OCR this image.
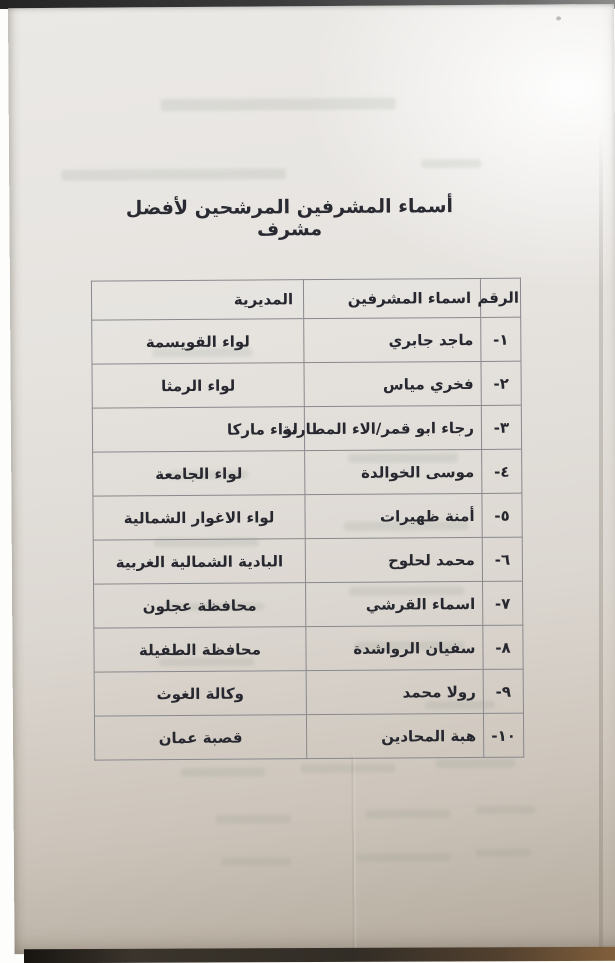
أسماء المشرفين المرشحين لأفضل مشرف
الرقم	اسماء المشرفين	المديرية
١-	ماجد جابري	لواء القويسمة
٢-	فخري مياس	لواء الرمثا
٣-	رجاء ابو قمر/الاء المطارنة	لواء ماركا
٤-	موسى الخوالدة	لواء الجامعة
٥-	أمنة ظهيرات	لواء الاغوار الشمالية
٦-	محمد لحلوح	البادية الشمالية الغربية
٧-	اسماء القرشي	محافظة عجلون
٨-	سفيان الرواشدة	محافظة الطفيلة
٩-	رولا محمد	وكالة الغوث
١٠-	هبة المحادين	قصبة عمان
